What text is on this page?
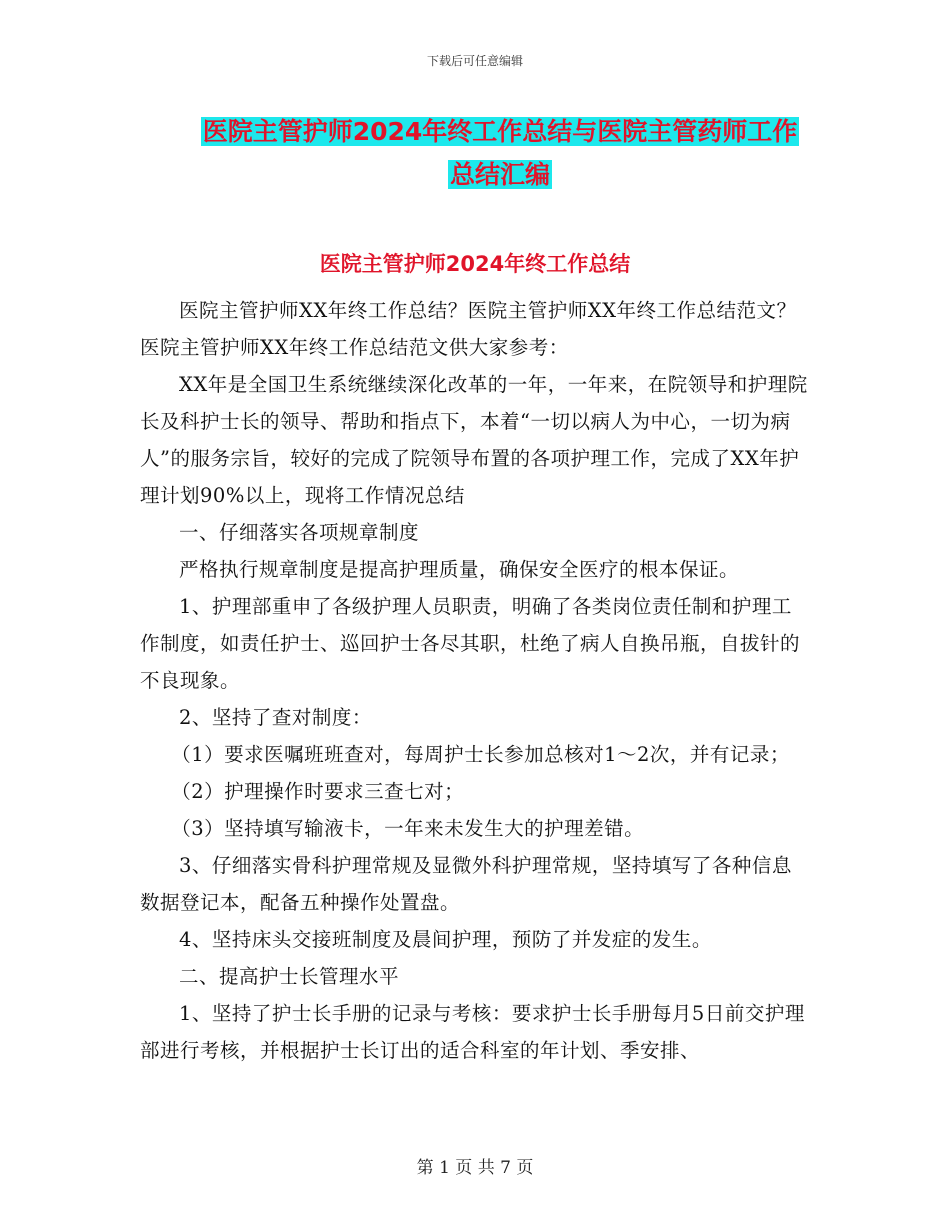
下载后可任意编辑
医院主管护师2024年终工作总结与医院主管药师工作
总结汇编
医院主管护师2024年终工作总结

医院主管护师XX年终工作总结？医院主管护师XX年终工作总结范文？医院主管护师XX年终工作总结范文供大家参考：

XX年是全国卫生系统继续深化改革的一年，一年来，在院领导和护理院长及科护士长的领导、帮助和指点下，本着“一切以病人为中心，一切为病人”的服务宗旨，较好的完成了院领导布置的各项护理工作，完成了XX年护理计划90%以上，现将工作情况总结

一、仔细落实各项规章制度

严格执行规章制度是提高护理质量，确保安全医疗的根本保证。

1、护理部重申了各级护理人员职责，明确了各类岗位责任制和护理工作制度，如责任护士、巡回护士各尽其职，杜绝了病人自换吊瓶，自拔针的不良现象。

2、坚持了查对制度：

（1）要求医嘱班班查对，每周护士长参加总核对1～2次，并有记录；

（2）护理操作时要求三查七对；

（3）坚持填写输液卡，一年来未发生大的护理差错。

3、仔细落实骨科护理常规及显微外科护理常规，坚持填写了各种信息数据登记本，配备五种操作处置盘。

4、坚持床头交接班制度及晨间护理，预防了并发症的发生。

二、提高护士长管理水平

1、坚持了护士长手册的记录与考核：要求护士长手册每月5日前交护理部进行考核，并根据护士长订出的适合科室的年计划、季安排、

第 1 页 共 7 页
